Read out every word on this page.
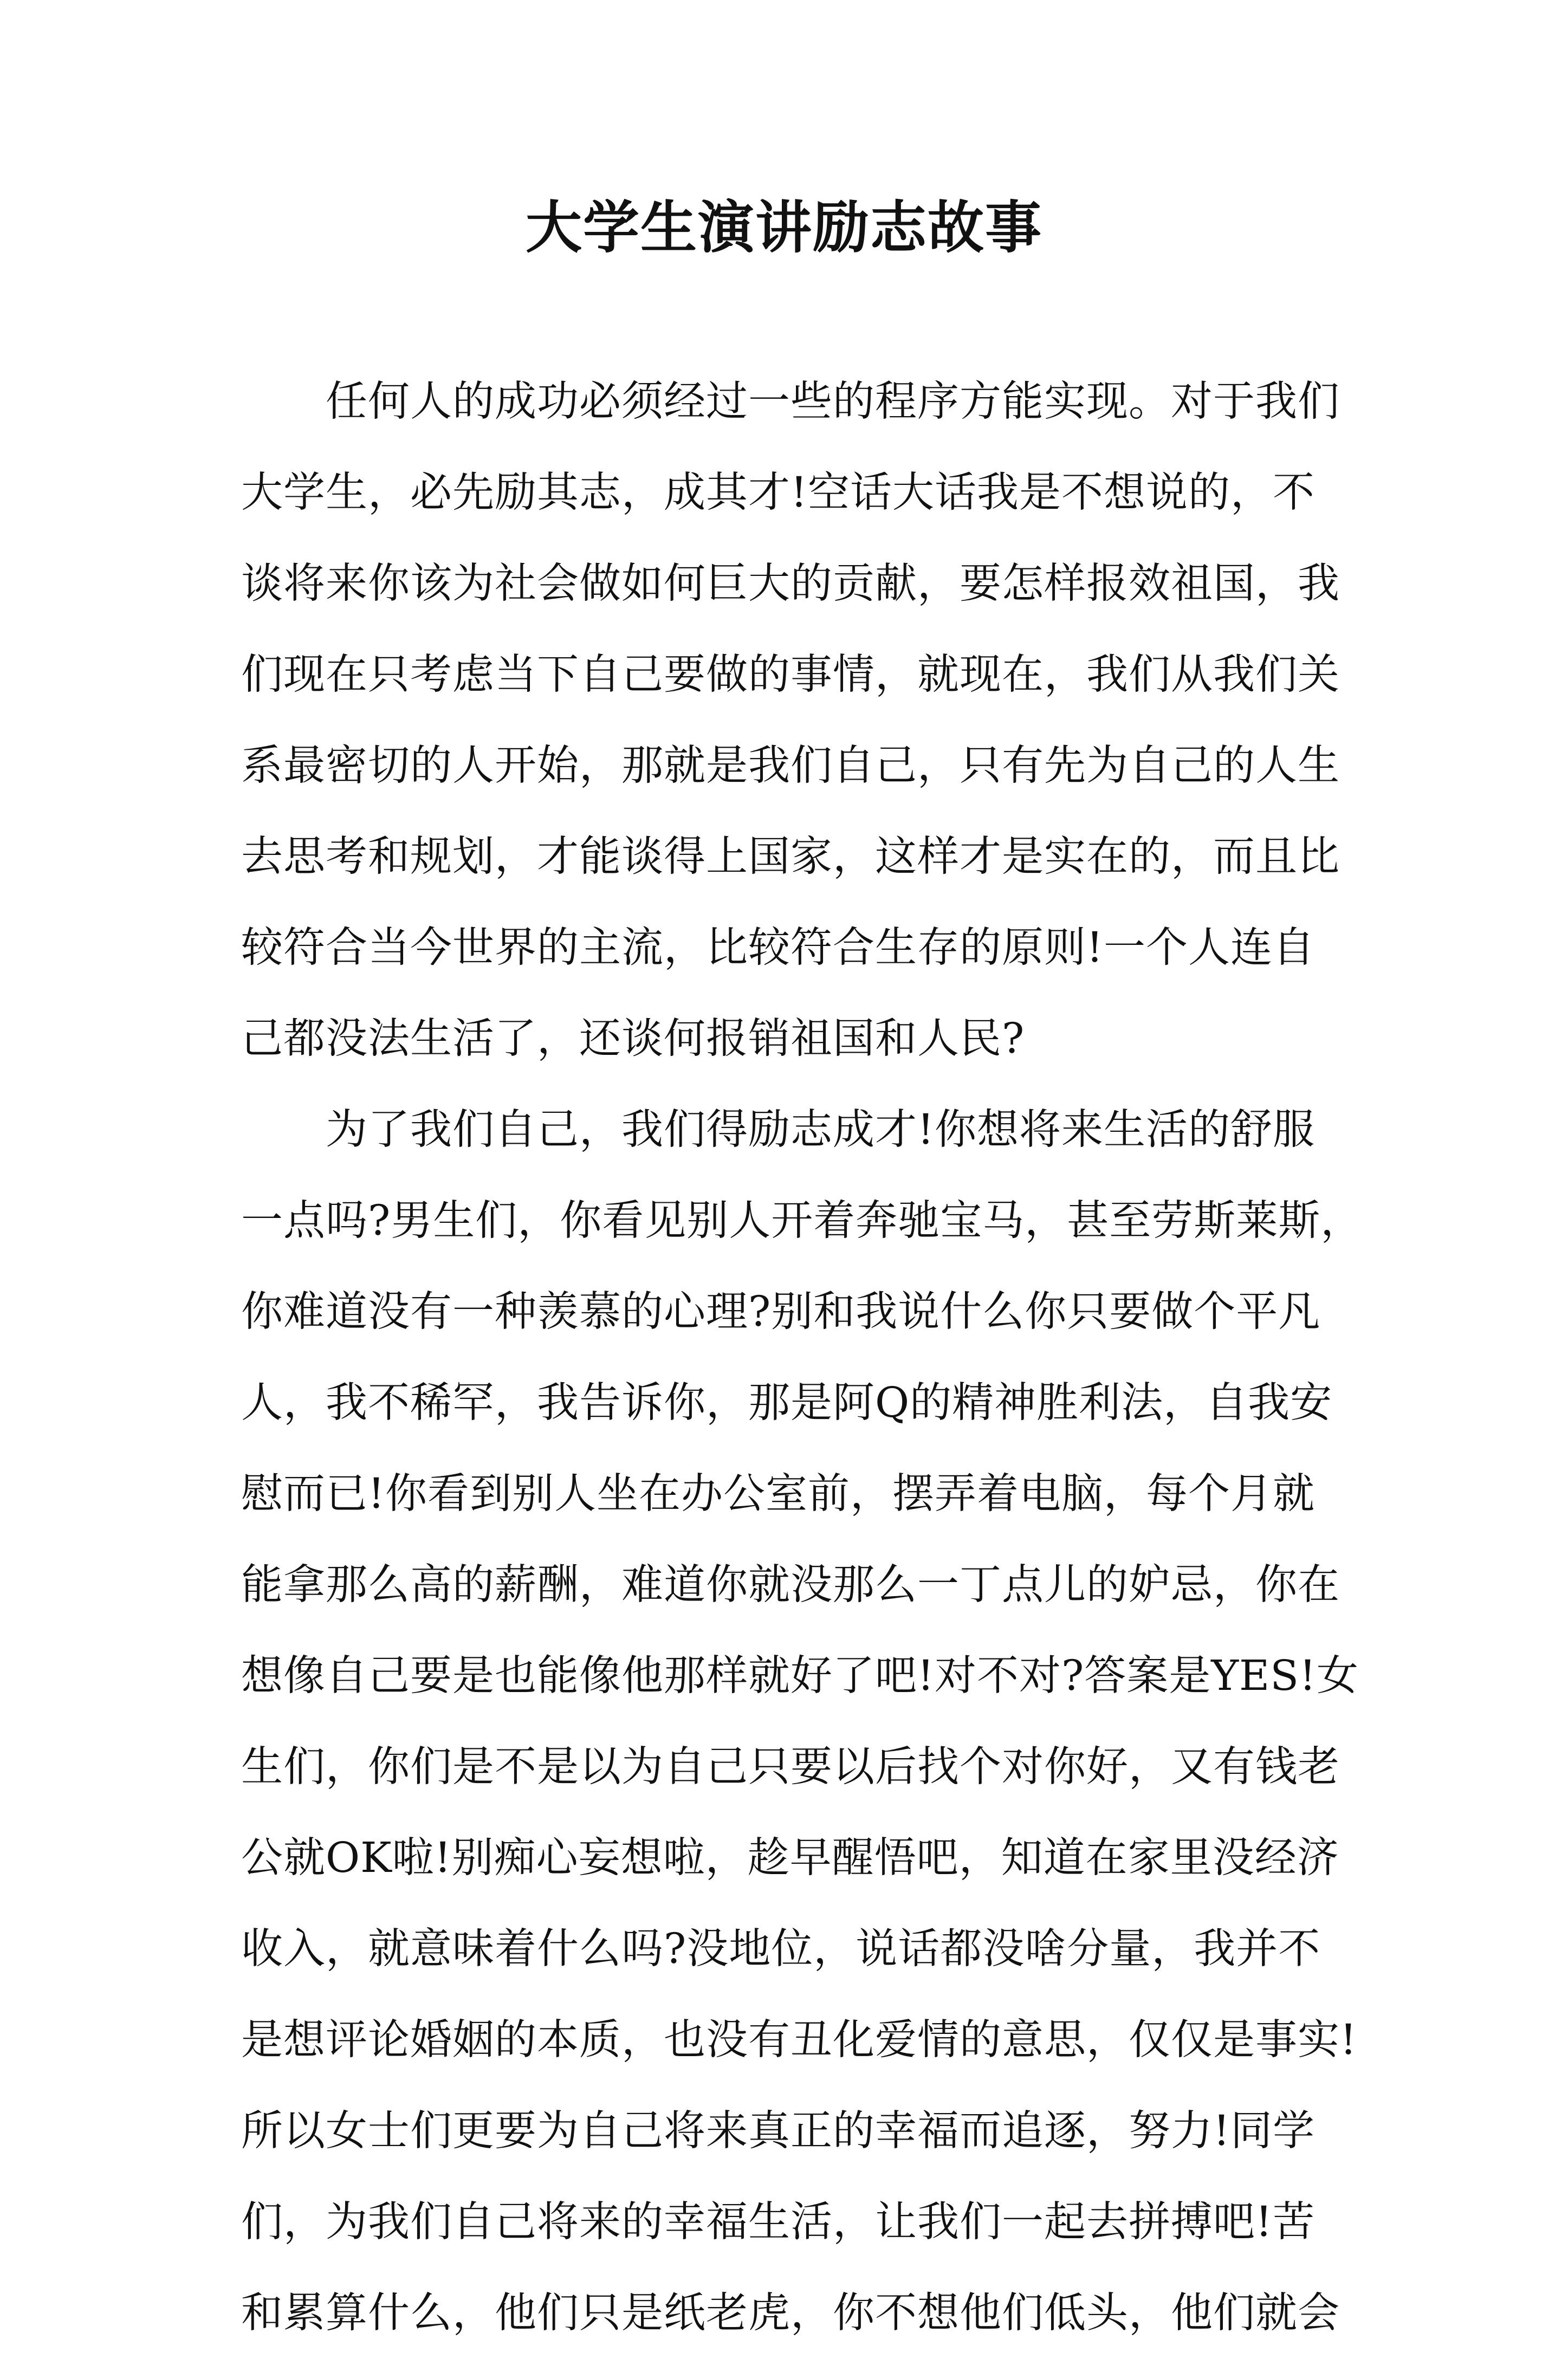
大学生演讲励志故事
　　任何人的成功必须经过一些的程序方能实现。对于我们
大学生，必先励其志，成其才!空话大话我是不想说的，不
谈将来你该为社会做如何巨大的贡献，要怎样报效祖国，我
们现在只考虑当下自己要做的事情，就现在，我们从我们关
系最密切的人开始，那就是我们自己，只有先为自己的人生
去思考和规划，才能谈得上国家，这样才是实在的，而且比
较符合当今世界的主流，比较符合生存的原则!一个人连自
己都没法生活了，还谈何报销祖国和人民?
　　为了我们自己，我们得励志成才!你想将来生活的舒服
一点吗?男生们，你看见别人开着奔驰宝马，甚至劳斯莱斯，
你难道没有一种羡慕的心理?别和我说什么你只要做个平凡
人，我不稀罕，我告诉你，那是阿Q的精神胜利法，自我安
慰而已!你看到别人坐在办公室前，摆弄着电脑，每个月就
能拿那么高的薪酬，难道你就没那么一丁点儿的妒忌，你在
想像自己要是也能像他那样就好了吧!对不对?答案是YES!女
生们，你们是不是以为自己只要以后找个对你好，又有钱老
公就OK啦!别痴心妄想啦，趁早醒悟吧，知道在家里没经济
收入，就意味着什么吗?没地位，说话都没啥分量，我并不
是想评论婚姻的本质，也没有丑化爱情的意思，仅仅是事实!
所以女士们更要为自己将来真正的幸福而追逐，努力!同学
们，为我们自己将来的幸福生活，让我们一起去拼搏吧!苦
和累算什么，他们只是纸老虎，你不想他们低头，他们就会
